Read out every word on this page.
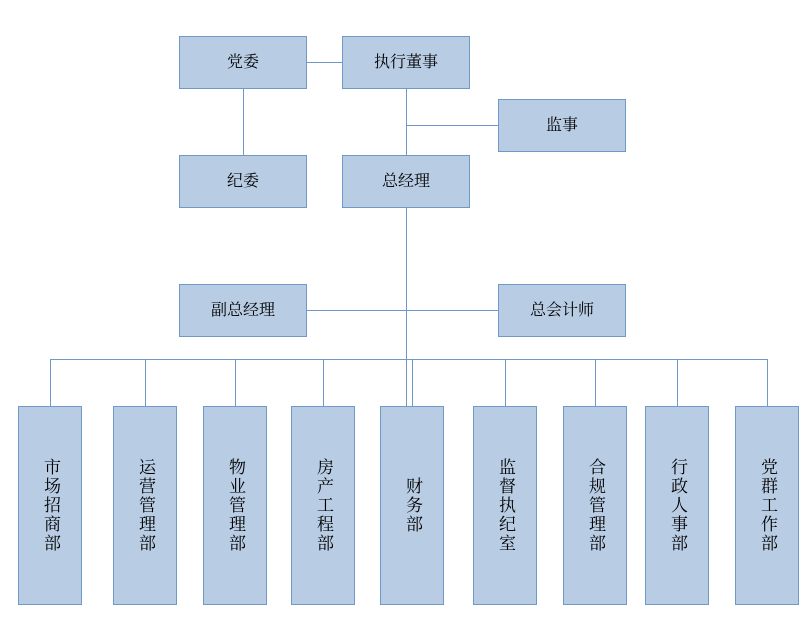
党委	执行董事
监事
纪委	总经理
副总经理	总会计师
市场招商部	运营管理部	物业管理部	房产工程部	财务部	监督执纪室	合规管理部	行政人事部	党群工作部
